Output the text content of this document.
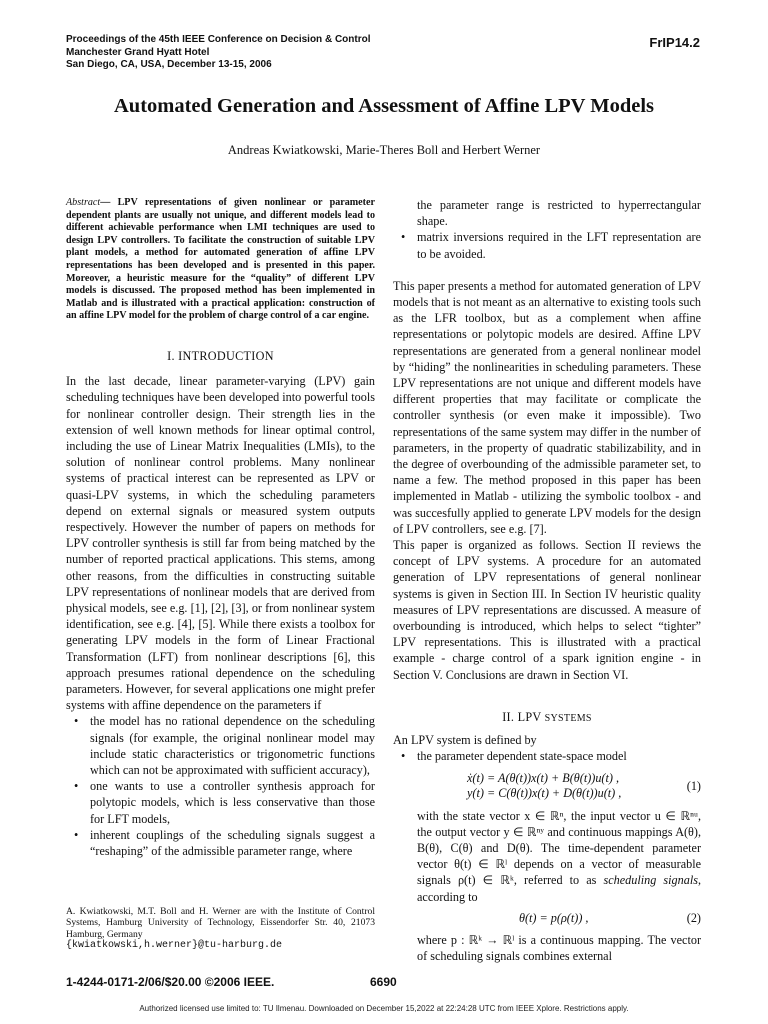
Proceedings of the 45th IEEE Conference on Decision & Control
Manchester Grand Hyatt Hotel
San Diego, CA, USA, December 13-15, 2006
FrIP14.2
Automated Generation and Assessment of Affine LPV Models
Andreas Kwiatkowski, Marie-Theres Boll and Herbert Werner

Abstract— LPV representations of given nonlinear or parameter dependent plants are usually not unique, and different models lead to different achievable performance when LMI techniques are used to design LPV controllers. To facilitate the construction of suitable LPV plant models, a method for automated generation of affine LPV representations has been developed and is presented in this paper. Moreover, a heuristic measure for the “quality” of different LPV models is discussed. The proposed method has been implemented in Matlab and is illustrated with a practical application: construction of an affine LPV model for the problem of charge control of a car engine.

I. INTRODUCTION

In the last decade, linear parameter-varying (LPV) gain scheduling techniques have been developed into powerful tools for nonlinear controller design. Their strength lies in the extension of well known methods for linear optimal control, including the use of Linear Matrix Inequalities (LMIs), to the solution of nonlinear control problems. Many nonlinear systems of practical interest can be represented as LPV or quasi-LPV systems, in which the scheduling parameters depend on external signals or measured system outputs respectively. However the number of papers on methods for LPV controller synthesis is still far from being matched by the number of reported practical applications. This stems, among other reasons, from the difficulties in constructing suitable LPV representations of nonlinear models that are derived from physical models, see e.g. [1], [2], [3], or from nonlinear system identification, see e.g. [4], [5]. While there exists a toolbox for generating LPV models in the form of Linear Fractional Transformation (LFT) from nonlinear descriptions [6], this approach presumes rational dependence on the scheduling parameters. However, for several applications one might prefer systems with affine dependence on the parameters if

• the model has no rational dependence on the scheduling signals (for example, the original nonlinear model may include static characteristics or trigonometric functions which can not be approximated with sufficient accuracy),
• one wants to use a controller synthesis approach for polytopic models, which is less conservative than those for LFT models,
• inherent couplings of the scheduling signals suggest a “reshaping” of the admissible parameter range, where
A. Kwiatkowski, M.T. Boll and H. Werner are with the Institute of Control Systems, Hamburg University of Technology, Eissendorfer Str. 40, 21073 Hamburg, Germany
{kwiatkowski,h.werner}@tu-harburg.de

the parameter range is restricted to hyperrectangular shape.

• matrix inversions required in the LFT representation are to be avoided.

This paper presents a method for automated generation of LPV models that is not meant as an alternative to existing tools such as the LFR toolbox, but as a complement when affine representations or polytopic models are desired. Affine LPV representations are generated from a general nonlinear model by “hiding” the nonlinearities in scheduling parameters. These LPV representations are not unique and different models have different properties that may facilitate or complicate the controller synthesis (or even make it impossible). Two representations of the same system may differ in the number of parameters, in the property of quadratic stabilizability, and in the degree of overbounding of the admissible parameter set, to name a few. The method proposed in this paper has been implemented in Matlab - utilizing the symbolic toolbox - and was succesfully applied to generate LPV models for the design of LPV controllers, see e.g. [7].

This paper is organized as follows. Section II reviews the concept of LPV systems. A procedure for an automated generation of LPV representations of general nonlinear systems is given in Section III. In Section IV heuristic quality measures of LPV representations are discussed. A measure of overbounding is introduced, which helps to select “tighter” LPV representations. This is illustrated with a practical example - charge control of a spark ignition engine - in Section V. Conclusions are drawn in Section VI.

II. LPV SYSTEMS

An LPV system is defined by

• the parameter dependent state-space model
ẋ(t) = A(θ(t))x(t) + B(θ(t))u(t) ,
y(t) = C(θ(t))x(t) + D(θ(t))u(t) ,	(1)

with the state vector x ∈ ℝⁿ, the input vector u ∈ ℝⁿᵘ, the output vector y ∈ ℝⁿʸ and continuous mappings A(θ), B(θ), C(θ) and D(θ). The time-dependent parameter vector θ(t) ∈ ℝˡ depends on a vector of measurable signals ρ(t) ∈ ℝᵏ, referred to as scheduling signals, according to

θ(t) = p(ρ(t)) ,	(2)

where p : ℝᵏ → ℝˡ is a continuous mapping. The vector of scheduling signals combines external

1-4244-0171-2/06/$20.00 ©2006 IEEE.	6690
Authorized licensed use limited to: TU Ilmenau. Downloaded on December 15,2022 at 22:24:28 UTC from IEEE Xplore. Restrictions apply.
